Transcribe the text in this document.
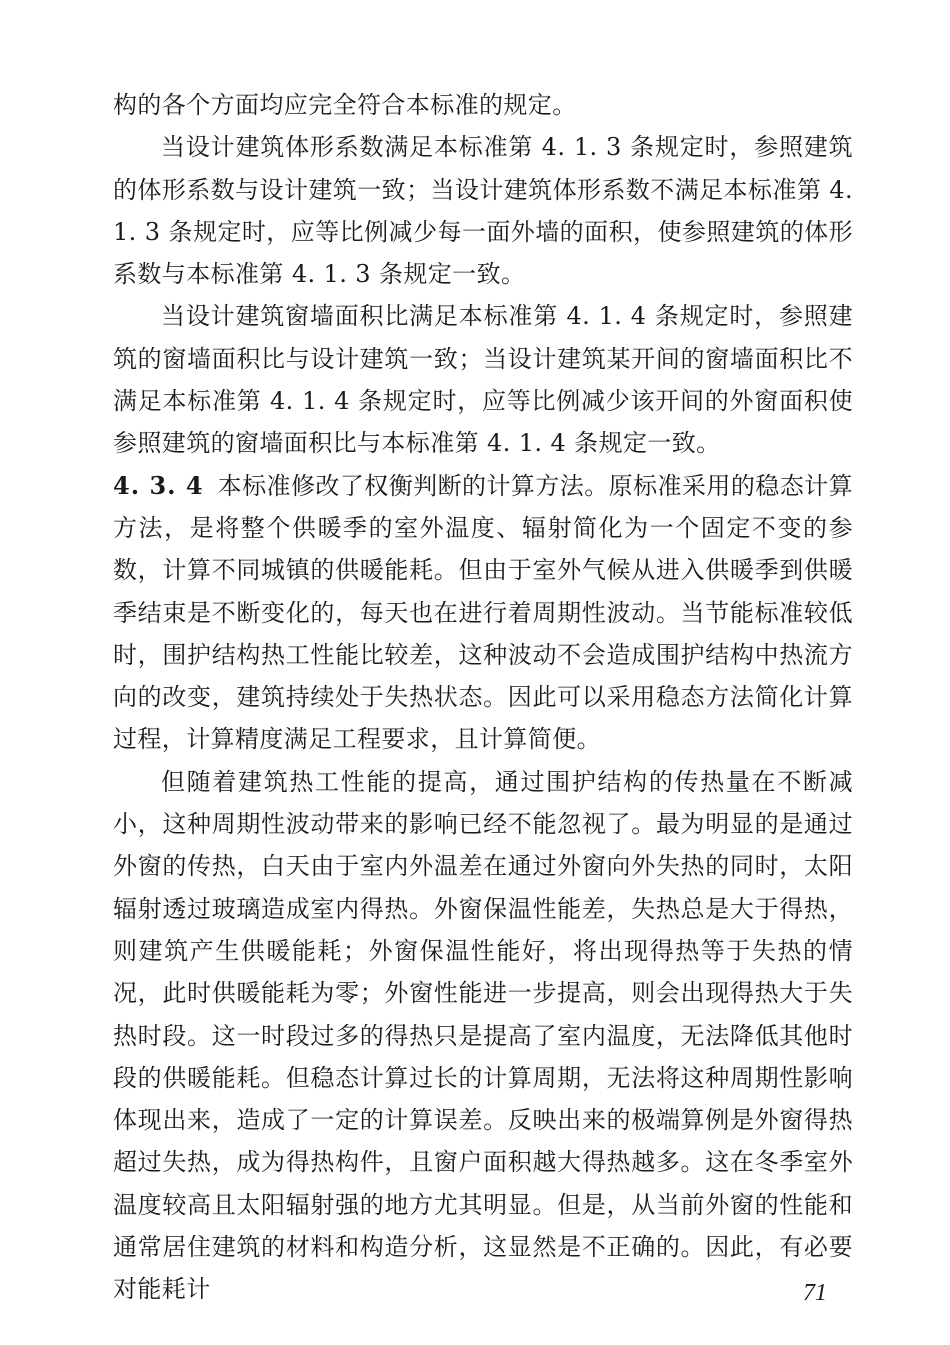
构的各个方面均应完全符合本标准的规定。

当设计建筑体形系数满足本标准第 4. 1. 3 条规定时，参照建筑的体形系数与设计建筑一致；当设计建筑体形系数不满足本标准第 4. 1. 3 条规定时，应等比例减少每一面外墙的面积，使参照建筑的体形系数与本标准第 4. 1. 3 条规定一致。

当设计建筑窗墙面积比满足本标准第 4. 1. 4 条规定时，参照建筑的窗墙面积比与设计建筑一致；当设计建筑某开间的窗墙面积比不满足本标准第 4. 1. 4 条规定时，应等比例减少该开间的外窗面积使参照建筑的窗墙面积比与本标准第 4. 1. 4 条规定一致。

4. 3. 4 本标准修改了权衡判断的计算方法。原标准采用的稳态计算方法，是将整个供暖季的室外温度、辐射简化为一个固定不变的参数，计算不同城镇的供暖能耗。但由于室外气候从进入供暖季到供暖季结束是不断变化的，每天也在进行着周期性波动。当节能标准较低时，围护结构热工性能比较差，这种波动不会造成围护结构中热流方向的改变，建筑持续处于失热状态。因此可以采用稳态方法简化计算过程，计算精度满足工程要求，且计算简便。

但随着建筑热工性能的提高，通过围护结构的传热量在不断减小，这种周期性波动带来的影响已经不能忽视了。最为明显的是通过外窗的传热，白天由于室内外温差在通过外窗向外失热的同时，太阳辐射透过玻璃造成室内得热。外窗保温性能差，失热总是大于得热，则建筑产生供暖能耗；外窗保温性能好，将出现得热等于失热的情况，此时供暖能耗为零；外窗性能进一步提高，则会出现得热大于失热时段。这一时段过多的得热只是提高了室内温度，无法降低其他时段的供暖能耗。但稳态计算过长的计算周期，无法将这种周期性影响体现出来，造成了一定的计算误差。反映出来的极端算例是外窗得热超过失热，成为得热构件，且窗户面积越大得热越多。这在冬季室外温度较高且太阳辐射强的地方尤其明显。但是，从当前外窗的性能和通常居住建筑的材料和构造分析，这显然是不正确的。因此，有必要对能耗计	71
